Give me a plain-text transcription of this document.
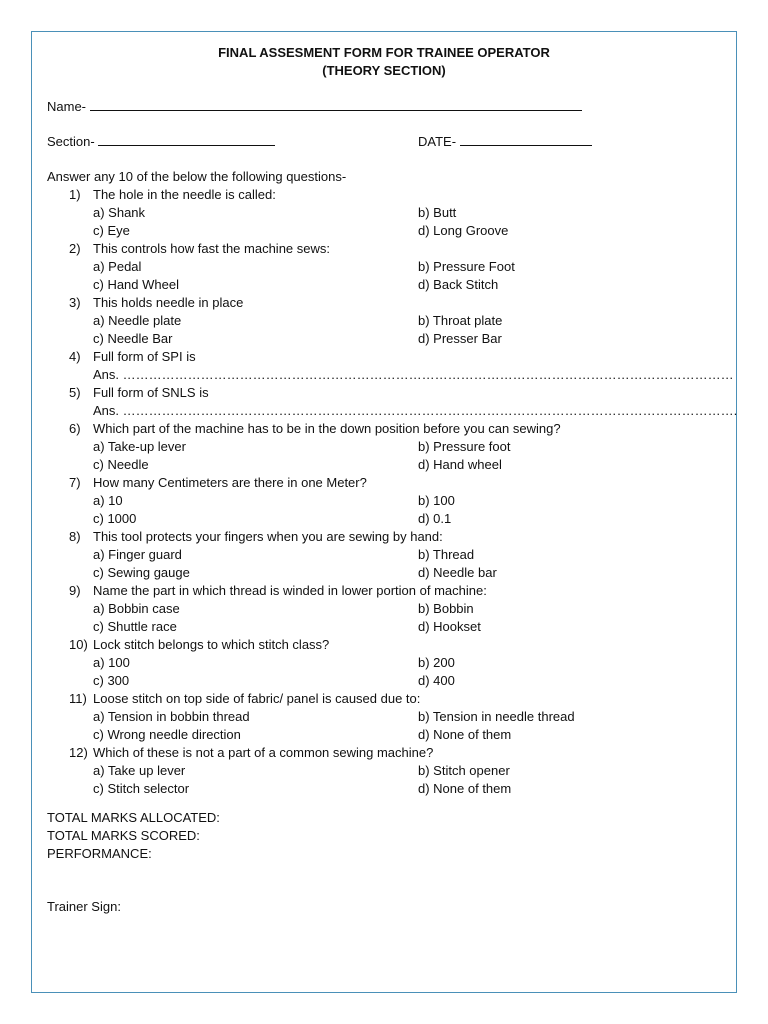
FINAL ASSESMENT FORM FOR TRAINEE OPERATOR
(THEORY SECTION)
Name-
Section-	DATE-
Answer any 10 of the below the following questions-
1) The hole in the needle is called:
a) Shank	b) Butt
c) Eye	d) Long Groove
2) This controls how fast the machine sews:
a) Pedal	b) Pressure Foot
c) Hand Wheel	d) Back Stitch
3) This holds needle in place
a) Needle plate	b) Throat plate
c) Needle Bar	d) Presser Bar
4) Full form of SPI is
Ans. ……………………………………………………………………………………………………………………………
5) Full form of SNLS is
Ans. …………………………………………………………………………………………………………………………….
6) Which part of the machine has to be in the down position before you can sewing?
a) Take-up lever	b) Pressure foot
c) Needle	d) Hand wheel
7) How many Centimeters are there in one Meter?
a) 10	b) 100
c) 1000	d) 0.1
8) This tool protects your fingers when you are sewing by hand:
a) Finger guard	b) Thread
c) Sewing gauge	d) Needle bar
9) Name the part in which thread is winded in lower portion of machine:
a) Bobbin case	b) Bobbin
c) Shuttle race	d) Hookset
10) Lock stitch belongs to which stitch class?
a) 100	b) 200
c) 300	d) 400
11) Loose stitch on top side of fabric/ panel is caused due to:
a) Tension in bobbin thread	b) Tension in needle thread
c) Wrong needle direction	d) None of them
12) Which of these is not a part of a common sewing machine?
a) Take up lever	b) Stitch opener
c) Stitch selector	d) None of them
TOTAL MARKS ALLOCATED:
TOTAL MARKS SCORED:
PERFORMANCE:
Trainer Sign:
